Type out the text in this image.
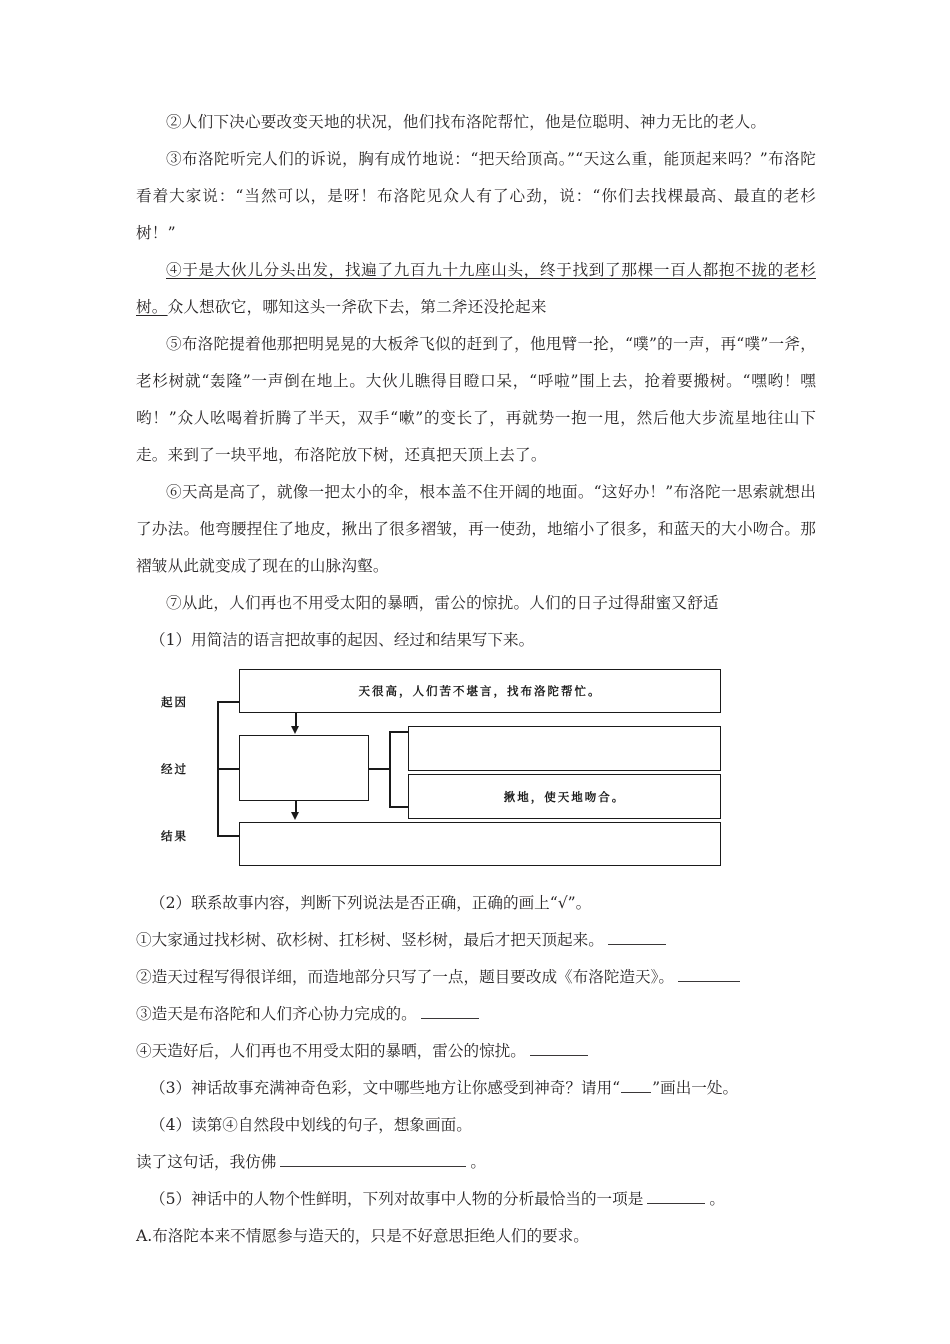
②人们下决心要改变天地的状况，他们找布洛陀帮忙，他是位聪明、神力无比的老人。

③布洛陀听完人们的诉说，胸有成竹地说：“把天给顶高。”“天这么重，能顶起来吗？”布洛陀看着大家说：“当然可以，是呀！布洛陀见众人有了心劲，说：“你们去找棵最高、最直的老杉树！”

④于是大伙儿分头出发，找遍了九百九十九座山头，终于找到了那棵一百人都抱不拢的老杉树。众人想砍它，哪知这头一斧砍下去，第二斧还没抡起来

⑤布洛陀提着他那把明晃晃的大板斧飞似的赶到了，他甩臂一抡，“噗”的一声，再“噗”一斧，老杉树就“轰隆”一声倒在地上。大伙儿瞧得目瞪口呆，“呼啦”围上去，抢着要搬树。“嘿哟！嘿哟！”众人吆喝着折腾了半天，双手“嗽”的变长了，再就势一抱一甩，然后他大步流星地往山下走。来到了一块平地，布洛陀放下树，还真把天顶上去了。

⑥天高是高了，就像一把太小的伞，根本盖不住开阔的地面。“这好办！”布洛陀一思索就想出了办法。他弯腰捏住了地皮，揪出了很多褶皱，再一使劲，地缩小了很多，和蓝天的大小吻合。那褶皱从此就变成了现在的山脉沟壑。

⑦从此，人们再也不用受太阳的暴晒，雷公的惊扰。人们的日子过得甜蜜又舒适

（1）用简洁的语言把故事的起因、经过和结果写下来。

起因
经过
结果
天很高，人们苦不堪言，找布洛陀帮忙。
揪地，使天地吻合。

（2）联系故事内容，判断下列说法是否正确，正确的画上“√”。

①大家通过找杉树、砍杉树、扛杉树、竖杉树，最后才把天顶起来。

②造天过程写得很详细，而造地部分只写了一点，题目要改成《布洛陀造天》。

③造天是布洛陀和人们齐心协力完成的。

④天造好后，人们再也不用受太阳的暴晒，雷公的惊扰。

（3）神话故事充满神奇色彩，文中哪些地方让你感受到神奇？请用“ ”画出一处。

（4）读第④自然段中划线的句子，想象画面。

读了这句话，我仿佛	。

（5）神话中的人物个性鲜明，下列对故事中人物的分析最恰当的一项是	。

A.布洛陀本来不情愿参与造天的，只是不好意思拒绝人们的要求。
